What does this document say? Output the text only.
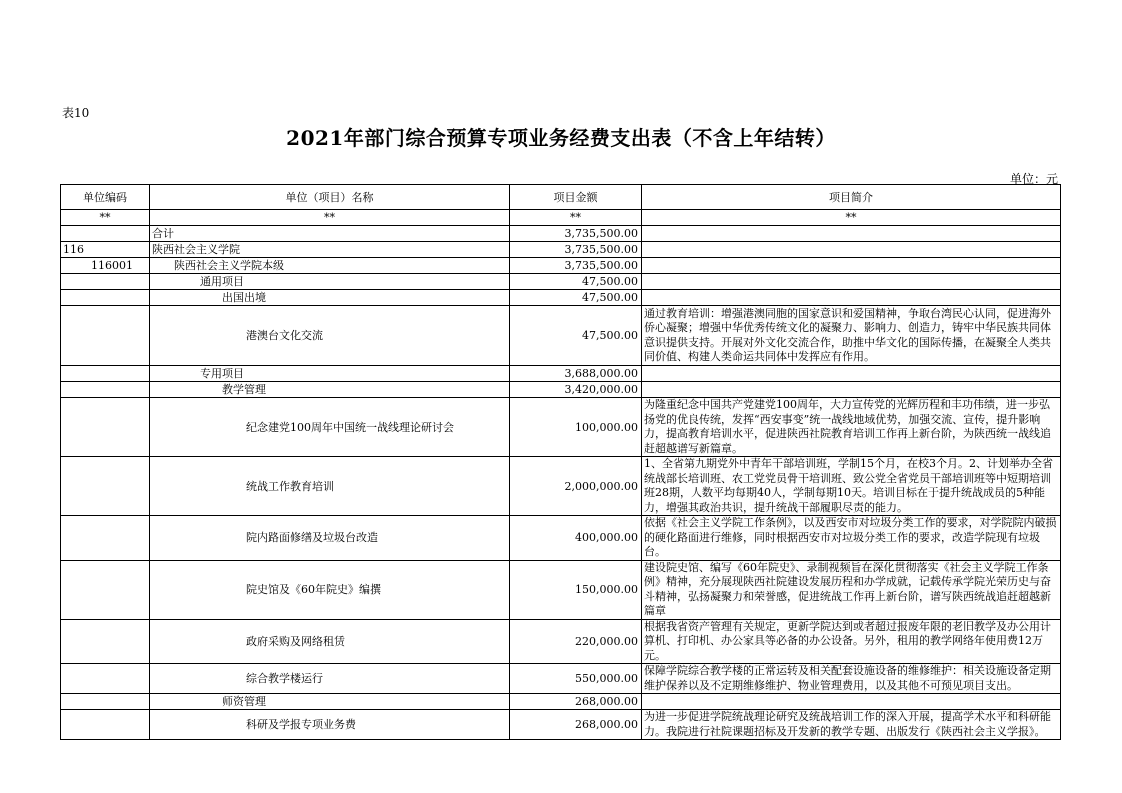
表10
2021年部门综合预算专项业务经费支出表（不含上年结转）
单位：元
单位编码	单位（项目）名称	项目金额	项目简介
**	**	**	**
	合计	3,735,500.00	
116	陕西社会主义学院	3,735,500.00	
116001	陕西社会主义学院本级	3,735,500.00	
	通用项目	47,500.00	
	出国出境	47,500.00	
	港澳台文化交流	47,500.00	通过教育培训：增强港澳同胞的国家意识和爱国精神，争取台湾民心认同，促进海外侨心凝聚；增强中华优秀传统文化的凝聚力、影响力、创造力，铸牢中华民族共同体意识提供支持。开展对外文化交流合作，助推中华文化的国际传播，在凝聚全人类共同价值、构建人类命运共同体中发挥应有作用。
	专用项目	3,688,000.00	
	教学管理	3,420,000.00	
	纪念建党100周年中国统一战线理论研讨会	100,000.00	为隆重纪念中国共产党建党100周年，大力宣传党的光辉历程和丰功伟绩，进一步弘扬党的优良传统，发挥“西安事变”统一战线地域优势，加强交流、宣传，提升影响力，提高教育培训水平，促进陕西社院教育培训工作再上新台阶，为陕西统一战线追赶超越谱写新篇章。
	统战工作教育培训	2,000,000.00	1、全省第九期党外中青年干部培训班，学制15个月，在校3个月。2、计划举办全省统战部长培训班、农工党党员骨干培训班、致公党全省党员干部培训班等中短期培训班28期，人数平均每期40人，学制每期10天。培训目标在于提升统战成员的5种能力，增强其政治共识，提升统战干部履职尽责的能力。
	院内路面修缮及垃圾台改造	400,000.00	依据《社会主义学院工作条例》，以及西安市对垃圾分类工作的要求，对学院院内破损的硬化路面进行维修，同时根据西安市对垃圾分类工作的要求，改造学院现有垃圾台。
	院史馆及《60年院史》编撰	150,000.00	建设院史馆、编写《60年院史》、录制视频旨在深化贯彻落实《社会主义学院工作条例》精神，充分展现陕西社院建设发展历程和办学成就，记载传承学院光荣历史与奋斗精神，弘扬凝聚力和荣誉感，促进统战工作再上新台阶，谱写陕西统战追赶超越新篇章
	政府采购及网络租赁	220,000.00	根据我省资产管理有关规定，更新学院达到或者超过报废年限的老旧教学及办公用计算机、打印机、办公家具等必备的办公设备。另外，租用的教学网络年使用费12万元。
	综合教学楼运行	550,000.00	保障学院综合教学楼的正常运转及相关配套设施设备的维修维护：相关设施设备定期维护保养以及不定期维修维护、物业管理费用，以及其他不可预见项目支出。
	师资管理	268,000.00	
	科研及学报专项业务费	268,000.00	为进一步促进学院统战理论研究及统战培训工作的深入开展，提高学术水平和科研能力。我院进行社院课题招标及开发新的教学专题、出版发行《陕西社会主义学报》。
